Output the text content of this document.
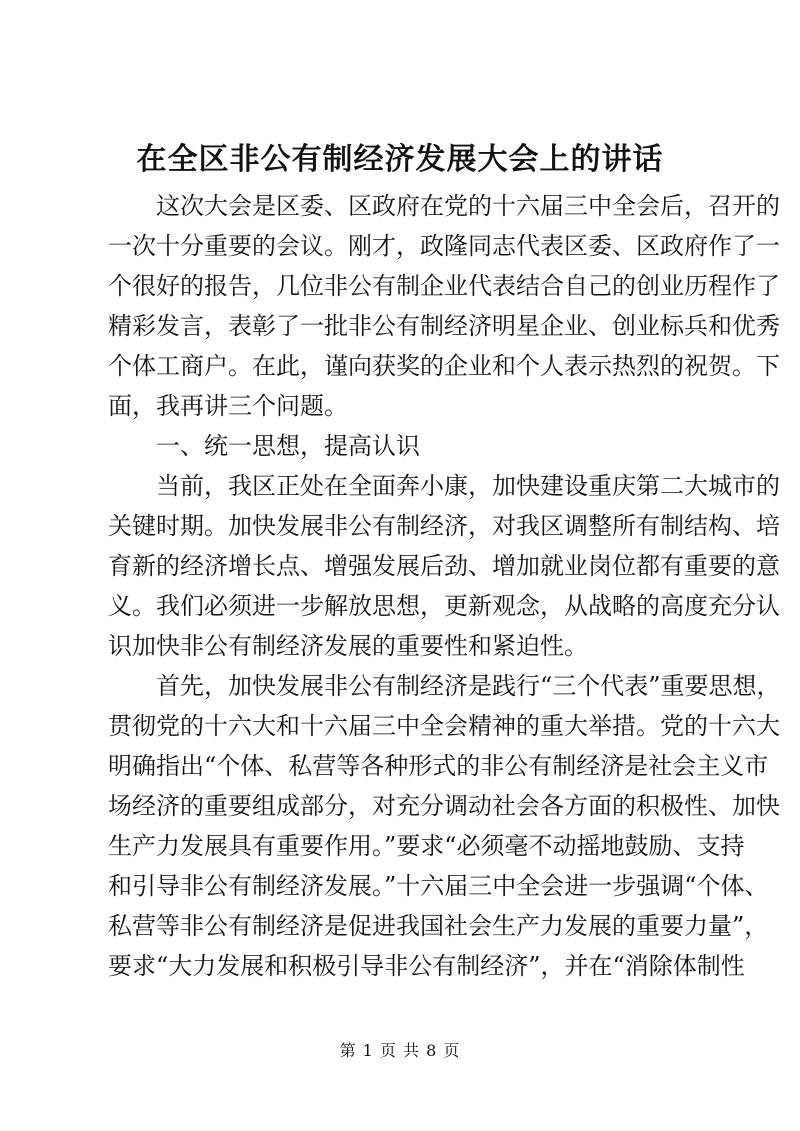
在全区非公有制经济发展大会上的讲话

这次大会是区委、区政府在党的十六届三中全会后，召开的

一次十分重要的会议。刚才，政隆同志代表区委、区政府作了一

个很好的报告，几位非公有制企业代表结合自己的创业历程作了

精彩发言，表彰了一批非公有制经济明星企业、创业标兵和优秀

个体工商户。在此，谨向获奖的企业和个人表示热烈的祝贺。下

面，我再讲三个问题。

一、统一思想，提高认识

当前，我区正处在全面奔小康，加快建设重庆第二大城市的

关键时期。加快发展非公有制经济，对我区调整所有制结构、培

育新的经济增长点、增强发展后劲、增加就业岗位都有重要的意

义。我们必须进一步解放思想，更新观念，从战略的高度充分认

识加快非公有制经济发展的重要性和紧迫性。

首先，加快发展非公有制经济是践行“三个代表”重要思想，

贯彻党的十六大和十六届三中全会精神的重大举措。党的十六大

明确指出“个体、私营等各种形式的非公有制经济是社会主义市

场经济的重要组成部分，对充分调动社会各方面的积极性、加快

生产力发展具有重要作用。”要求“必须毫不动摇地鼓励、支持

和引导非公有制经济发展。”十六届三中全会进一步强调“个体、

私营等非公有制经济是促进我国社会生产力发展的重要力量”，

要求“大力发展和积极引导非公有制经济”，并在“消除体制性

第 1 页 共 8 页
